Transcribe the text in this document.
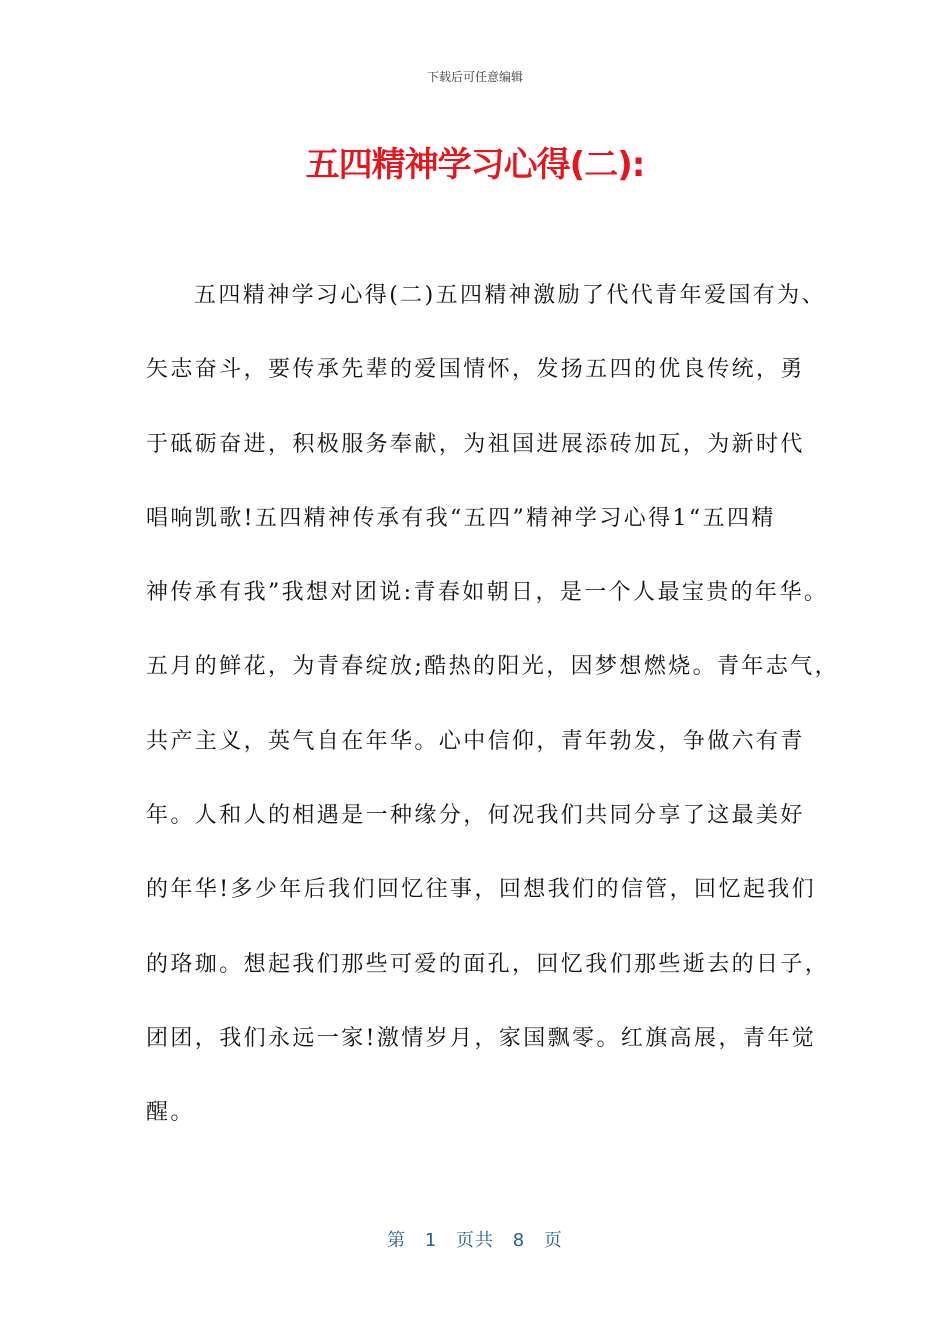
下载后可任意编辑
五四精神学习心得(二):
五四精神学习心得(二)五四精神激励了代代青年爱国有为、
矢志奋斗，要传承先辈的爱国情怀，发扬五四的优良传统，勇
于砥砺奋进，积极服务奉献，为祖国进展添砖加瓦，为新时代
唱响凯歌!五四精神传承有我“五四”精神学习心得1“五四精
神传承有我”我想对团说:青春如朝日，是一个人最宝贵的年华。
五月的鲜花，为青春绽放;酷热的阳光，因梦想燃烧。青年志气，
共产主义，英气自在年华。心中信仰，青年勃发，争做六有青
年。人和人的相遇是一种缘分，何况我们共同分享了这最美好
的年华!多少年后我们回忆往事，回想我们的信管，回忆起我们
的珞珈。想起我们那些可爱的面孔，回忆我们那些逝去的日子，
团团，我们永远一家!激情岁月，家国飘零。红旗高展，青年觉
醒。
第 1 页共 8 页
